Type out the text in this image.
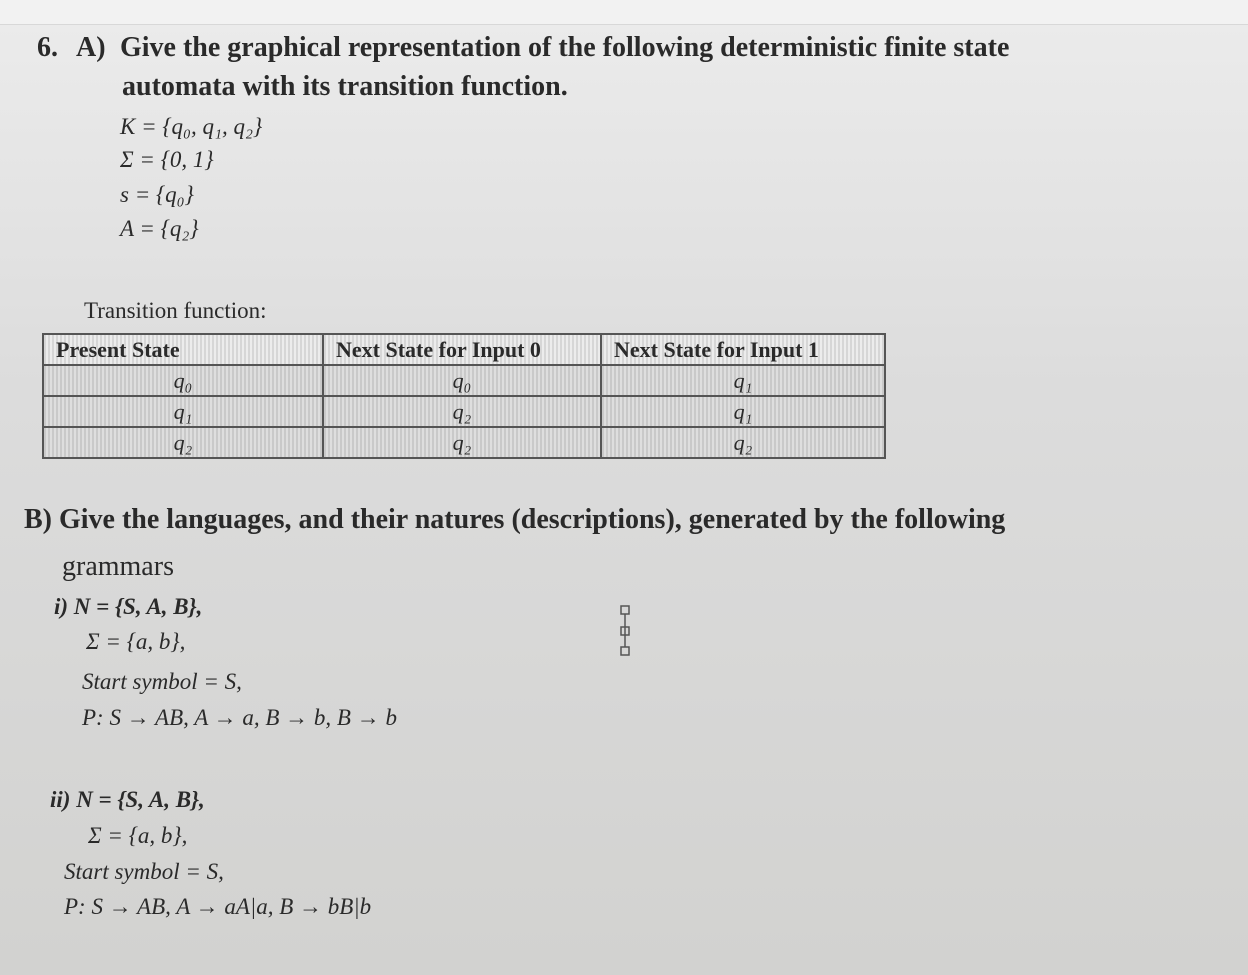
6. A) Give the graphical representation of the following deterministic finite state
automata with its transition function.
K = {q₀, q₁, q₂}
Σ = {0, 1}
s = {q₀}
A = {q₂}
Transition function:
Present State	Next State for Input 0	Next State for Input 1
q₀	q₀	q₁
q₁	q₂	q₁
q₂	q₂	q₂
B) Give the languages, and their natures (descriptions), generated by the following
grammars
i) N = {S, A, B},
Σ = {a, b},
Start symbol = S,
P: S → AB, A → a, B → b, B → b
ii) N = {S, A, B},
Σ = {a, b},
Start symbol = S,
P: S → AB, A → aA|a, B → bB|b
